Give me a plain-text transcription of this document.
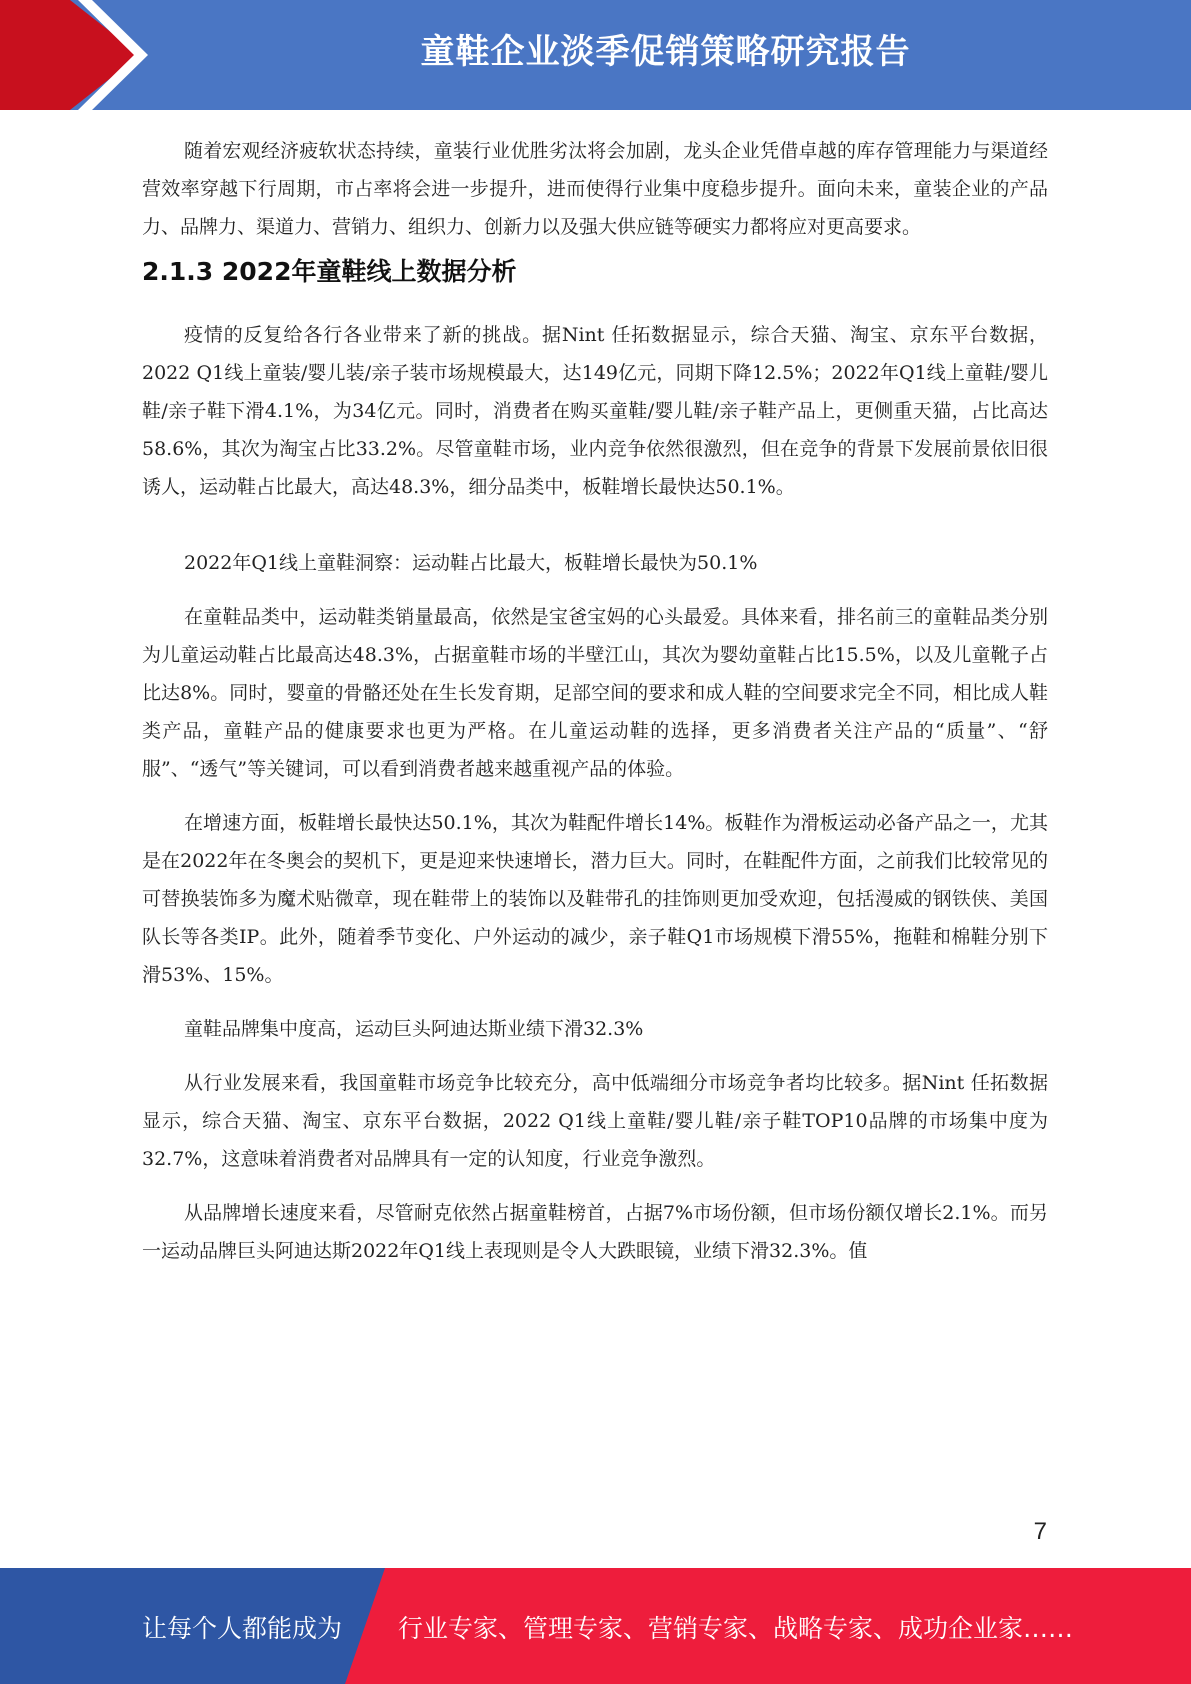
童鞋企业淡季促销策略研究报告

随着宏观经济疲软状态持续，童装行业优胜劣汰将会加剧，龙头企业凭借卓越的库存管理能力与渠道经营效率穿越下行周期，市占率将会进一步提升，进而使得行业集中度稳步提升。面向未来，童装企业的产品力、品牌力、渠道力、营销力、组织力、创新力以及强大供应链等硬实力都将应对更高要求。

2.1.3 2022年童鞋线上数据分析

疫情的反复给各行各业带来了新的挑战。据Nint 任拓数据显示，综合天猫、淘宝、京东平台数据，2022 Q1线上童装/婴儿装/亲子装市场规模最大，达149亿元，同期下降12.5%；2022年Q1线上童鞋/婴儿鞋/亲子鞋下滑4.1%，为34亿元。同时，消费者在购买童鞋/婴儿鞋/亲子鞋产品上，更侧重天猫，占比高达58.6%，其次为淘宝占比33.2%。尽管童鞋市场，业内竞争依然很激烈，但在竞争的背景下发展前景依旧很诱人，运动鞋占比最大，高达48.3%，细分品类中，板鞋增长最快达50.1%。

2022年Q1线上童鞋洞察：运动鞋占比最大，板鞋增长最快为50.1%

在童鞋品类中，运动鞋类销量最高，依然是宝爸宝妈的心头最爱。具体来看，排名前三的童鞋品类分别为儿童运动鞋占比最高达48.3%，占据童鞋市场的半壁江山，其次为婴幼童鞋占比15.5%，以及儿童靴子占比达8%。同时，婴童的骨骼还处在生长发育期，足部空间的要求和成人鞋的空间要求完全不同，相比成人鞋类产品，童鞋产品的健康要求也更为严格。在儿童运动鞋的选择，更多消费者关注产品的“质量”、“舒服”、“透气”等关键词，可以看到消费者越来越重视产品的体验。

在增速方面，板鞋增长最快达50.1%，其次为鞋配件增长14%。板鞋作为滑板运动必备产品之一，尤其是在2022年在冬奥会的契机下，更是迎来快速增长，潜力巨大。同时，在鞋配件方面，之前我们比较常见的可替换装饰多为魔术贴微章，现在鞋带上的装饰以及鞋带孔的挂饰则更加受欢迎，包括漫威的钢铁侠、美国队长等各类IP。此外，随着季节变化、户外运动的减少，亲子鞋Q1市场规模下滑55%，拖鞋和棉鞋分别下滑53%、15%。

童鞋品牌集中度高，运动巨头阿迪达斯业绩下滑32.3%

从行业发展来看，我国童鞋市场竞争比较充分，高中低端细分市场竞争者均比较多。据Nint 任拓数据显示，综合天猫、淘宝、京东平台数据，2022 Q1线上童鞋/婴儿鞋/亲子鞋TOP10品牌的市场集中度为32.7%，这意味着消费者对品牌具有一定的认知度，行业竞争激烈。

从品牌增长速度来看，尽管耐克依然占据童鞋榜首，占据7%市场份额，但市场份额仅增长2.1%。而另一运动品牌巨头阿迪达斯2022年Q1线上表现则是令人大跌眼镜，业绩下滑32.3%。值

7
让每个人都能成为 行业专家、管理专家、营销专家、战略专家、成功企业家……
